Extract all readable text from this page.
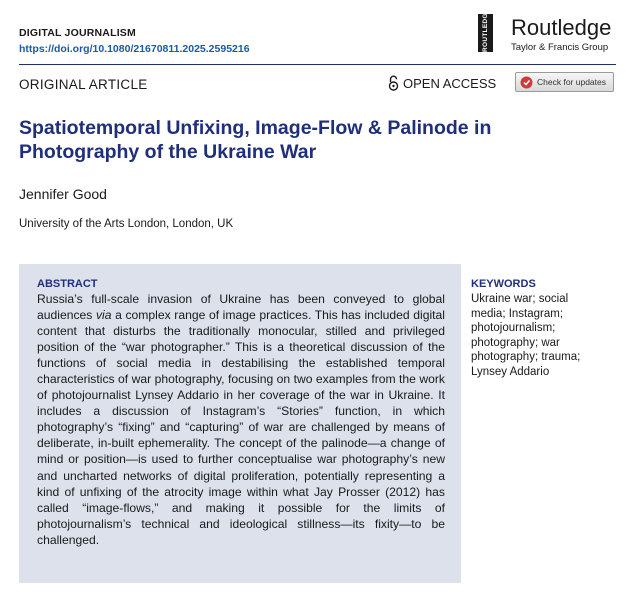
DIGITAL JOURNALISM
https://doi.org/10.1080/21670811.2025.2595216	ROUTLEDGE Routledge
Taylor & Francis Group
ORIGINAL ARTICLE	OPEN ACCESS	Check for updates
Spatiotemporal Unfixing, Image-Flow & Palinode in Photography of the Ukraine War
Jennifer Good
University of the Arts London, London, UK
ABSTRACT

Russia’s full-scale invasion of Ukraine has been conveyed to global audiences via a complex range of image practices. This has included digital content that disturbs the traditionally monocular, stilled and privileged position of the “war photographer.” This is a theoretical discussion of the functions of social media in destabilising the established temporal characteristics of war photography, focusing on two examples from the work of photojournalist Lynsey Addario in her coverage of the war in Ukraine. It includes a discussion of Instagram’s “Stories” function, in which photography’s “fixing” and “capturing” of war are challenged by means of deliberate, in-built ephemerality. The concept of the palinode—a change of mind or position—is used to further conceptualise war photography’s new and uncharted networks of digital proliferation, potentially representing a kind of unfixing of the atrocity image within what Jay Prosser (2012) has called “image-flows,” and making it possible for the limits of photojournalism’s technical and ideological stillness—its fixity—to be challenged.

KEYWORDS
Ukraine war; social media; Instagram; photojournalism; photography; war photography; trauma; Lynsey Addario
